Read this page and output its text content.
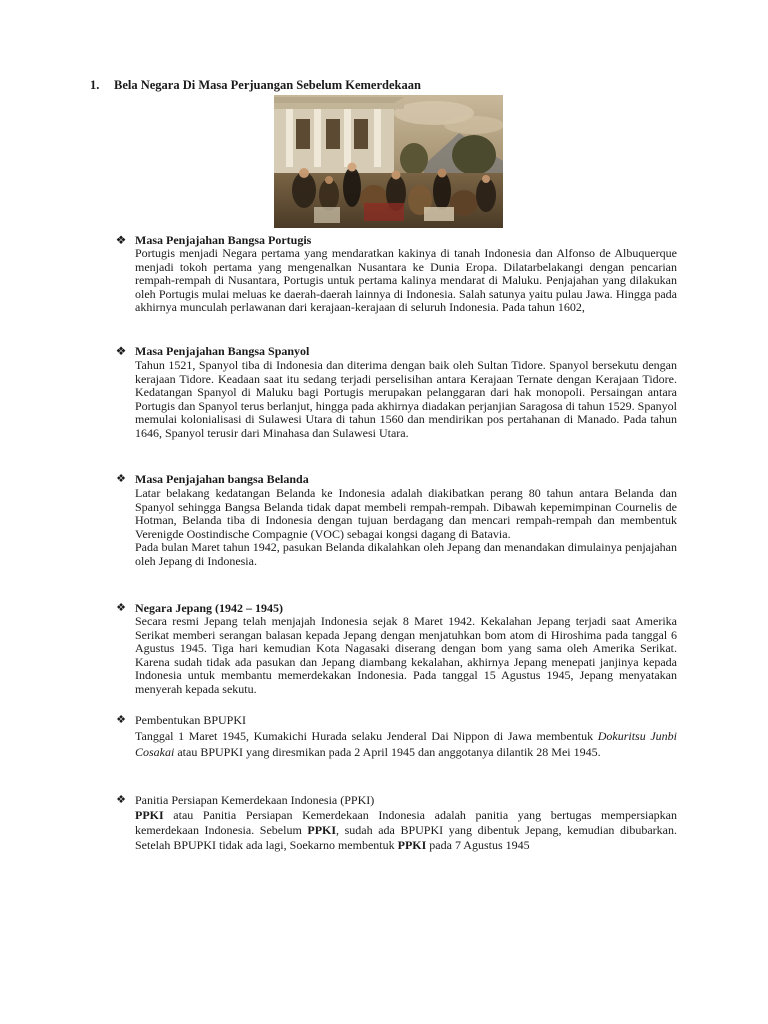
1. Bela Negara Di Masa Perjuangan Sebelum Kemerdekaan
❖ Masa Penjajahan Bangsa Portugis
Portugis menjadi Negara pertama yang mendaratkan kakinya di tanah Indonesia dan Alfonso de Albuquerque menjadi tokoh pertama yang mengenalkan Nusantara ke Dunia Eropa. Dilatarbelakangi dengan pencarian rempah-rempah di Nusantara, Portugis untuk pertama kalinya mendarat di Maluku. Penjajahan yang dilakukan oleh Portugis mulai meluas ke daerah-daerah lainnya di Indonesia. Salah satunya yaitu pulau Jawa. Hingga pada akhirnya munculah perlawanan dari kerajaan-kerajaan di seluruh Indonesia. Pada tahun 1602,
❖ Masa Penjajahan Bangsa Spanyol
Tahun 1521, Spanyol tiba di Indonesia dan diterima dengan baik oleh Sultan Tidore. Spanyol bersekutu dengan kerajaan Tidore. Keadaan saat itu sedang terjadi perselisihan antara Kerajaan Ternate dengan Kerajaan Tidore. Kedatangan Spanyol di Maluku bagi Portugis merupakan pelanggaran dari hak monopoli. Persaingan antara Portugis dan Spanyol terus berlanjut, hingga pada akhirnya diadakan perjanjian Saragosa di tahun 1529. Spanyol memulai kolonialisasi di Sulawesi Utara di tahun 1560 dan mendirikan pos pertahanan di Manado. Pada tahun 1646, Spanyol terusir dari Minahasa dan Sulawesi Utara.
❖ Masa Penjajahan bangsa Belanda

Latar belakang kedatangan Belanda ke Indonesia adalah diakibatkan perang 80 tahun antara Belanda dan Spanyol sehingga Bangsa Belanda tidak dapat membeli rempah-rempah. Dibawah kepemimpinan Cournelis de Hotman, Belanda tiba di Indonesia dengan tujuan berdagang dan mencari rempah-rempah dan membentuk Verenigde Oostindische Compagnie (VOC) sebagai kongsi dagang di Batavia.

Pada bulan Maret tahun 1942, pasukan Belanda dikalahkan oleh Jepang dan menandakan dimulainya penjajahan oleh Jepang di Indonesia.

❖ Negara Jepang (1942 – 1945)
Secara resmi Jepang telah menjajah Indonesia sejak 8 Maret 1942. Kekalahan Jepang terjadi saat Amerika Serikat memberi serangan balasan kepada Jepang dengan menjatuhkan bom atom di Hiroshima pada tanggal 6 Agustus 1945. Tiga hari kemudian Kota Nagasaki diserang dengan bom yang sama oleh Amerika Serikat. Karena sudah tidak ada pasukan dan Jepang diambang kekalahan, akhirnya Jepang menepati janjinya kepada Indonesia untuk membantu memerdekakan Indonesia. Pada tanggal 15 Agustus 1945, Jepang menyatakan menyerah kepada sekutu.
❖ Pembentukan BPUPKI
Tanggal 1 Maret 1945, Kumakichi Hurada selaku Jenderal Dai Nippon di Jawa membentuk Dokuritsu Junbi Cosakai atau BPUPKI yang diresmikan pada 2 April 1945 dan anggotanya dilantik 28 Mei 1945.
❖ Panitia Persiapan Kemerdekaan Indonesia (PPKI)
PPKI atau Panitia Persiapan Kemerdekaan Indonesia adalah panitia yang bertugas mempersiapkan kemerdekaan Indonesia. Sebelum PPKI, sudah ada BPUPKI yang dibentuk Jepang, kemudian dibubarkan. Setelah BPUPKI tidak ada lagi, Soekarno membentuk PPKI pada 7 Agustus 1945
